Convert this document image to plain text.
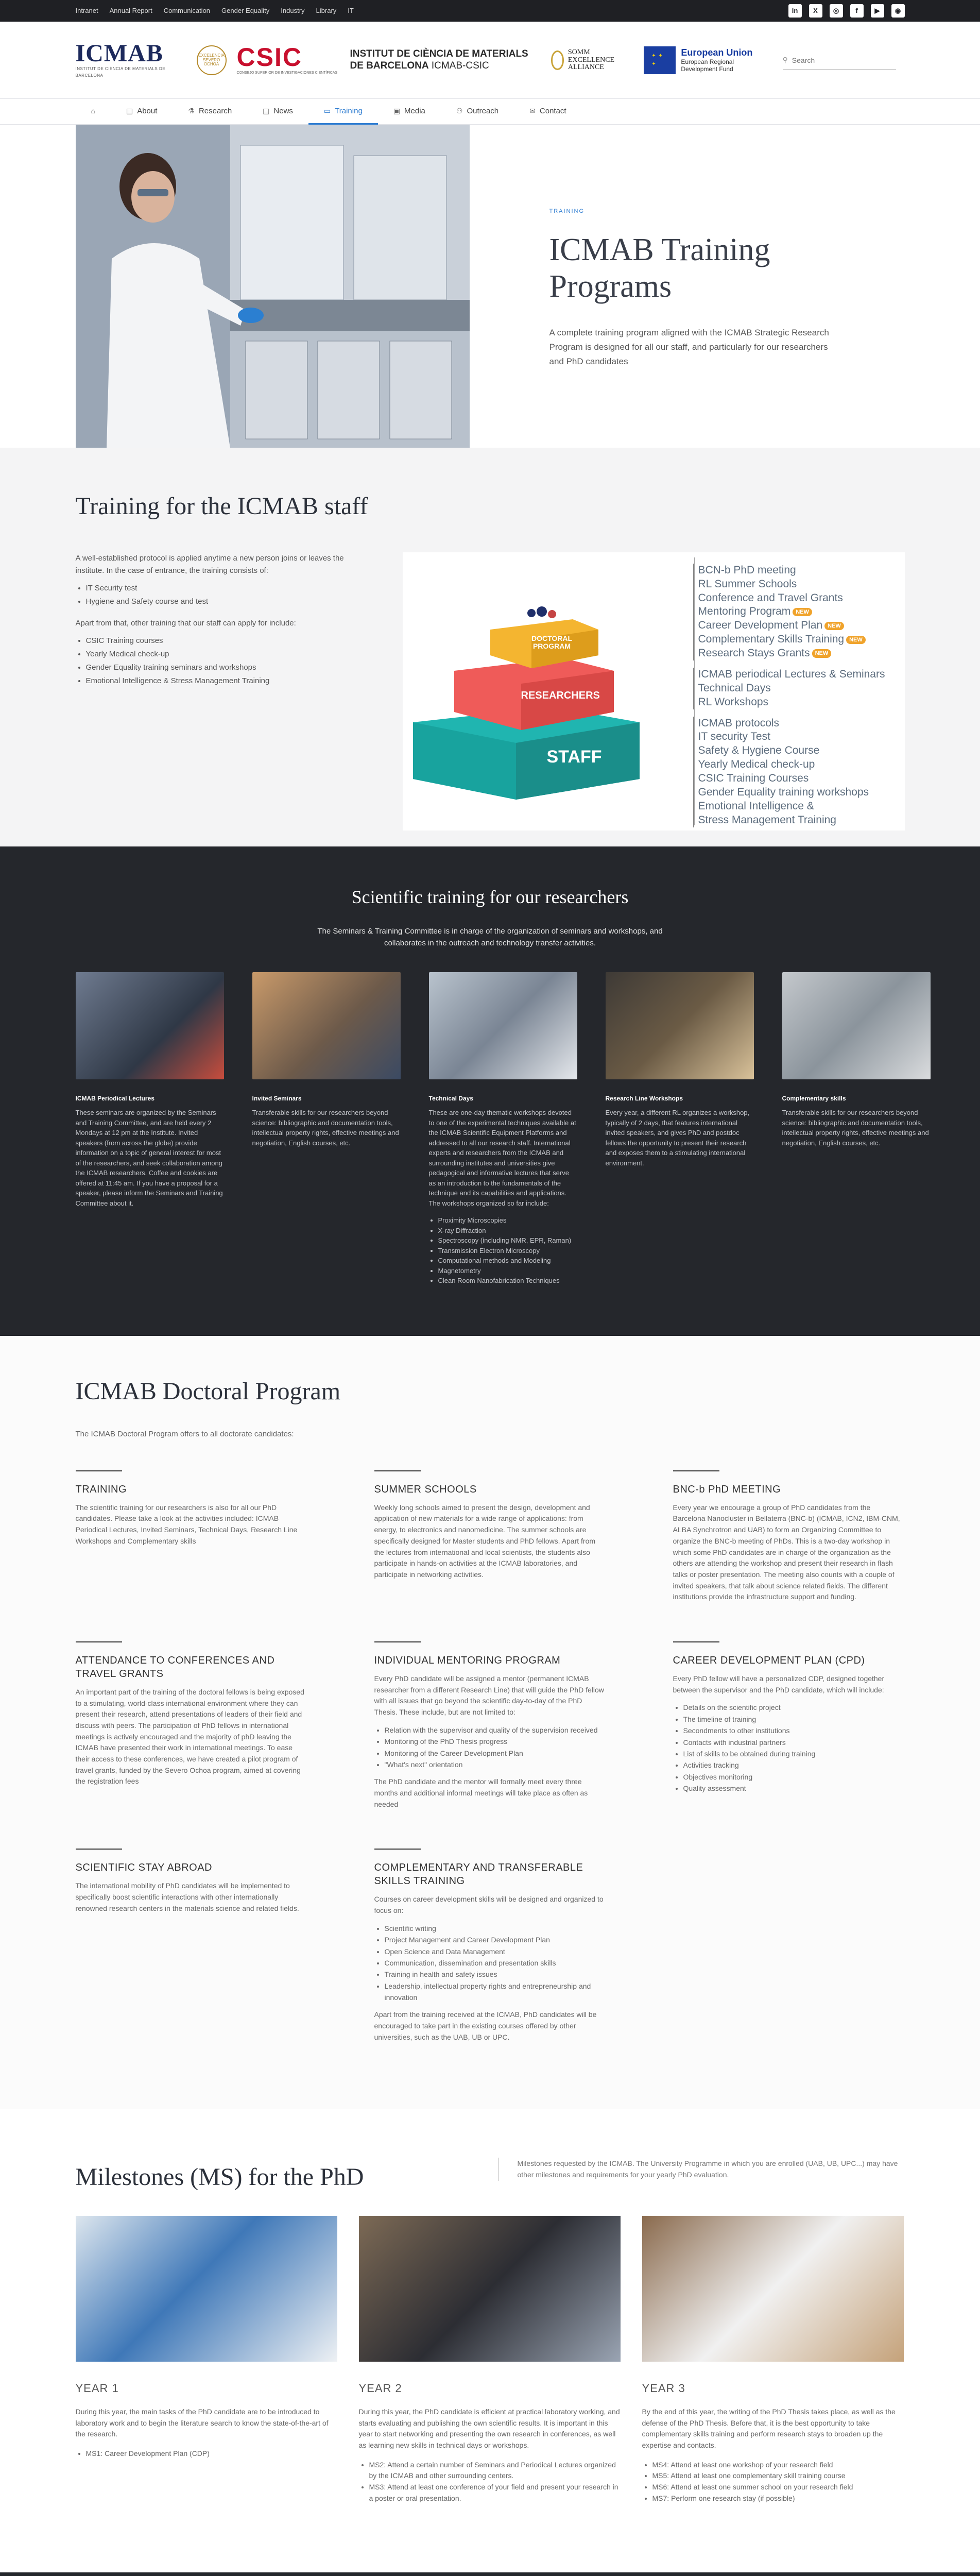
Intranet Annual Report Communication Gender Equality Industry Library IT	in	X	◎	f	▶	◉
ICMAB
INSTITUT DE CIÈNCIA DE MATERIALS DE BARCELONA
EXCELENCIA SEVERO OCHOA CSIC
CONSEJO SUPERIOR DE INVESTIGACIONES CIENTÍFICAS
INSTITUT DE CIÈNCIA DE MATERIALS
DE BARCELONA ICMAB-CSIC
SOMM EXCELLENCE ALLIANCE
✦ ✦ ✦
European Union
European Regional Development Fund
⚲
Search
⌂	▥ About	⚗ Research	▤ News	▭ Training	▣ Media	⚇ Outreach	✉ Contact
TRAINING
ICMAB Training Programs

A complete training program aligned with the ICMAB Strategic Research Program is designed for all our staff, and particularly for our researchers and PhD candidates

Training for the ICMAB staff

A well-established protocol is applied anytime a new person joins or leaves the institute. In the case of entrance, the training consists of:

• IT Security test
• Hygiene and Safety course and test

Apart from that, other training that our staff can apply for include:

• CSIC Training courses
• Yearly Medical check-up
• Gender Equality training seminars and workshops
• Emotional Intelligence & Stress Management Training
DOCTORAL PROGRAM
RESEARCHERS
STAFF
BCN-b PhD meeting
RL Summer Schools
Conference and Travel Grants
Mentoring Program NEW
Career Development Plan NEW
Complementary Skills Training NEW
Research Stays Grants NEW
ICMAB periodical Lectures & Seminars
Technical Days
RL Workshops
ICMAB protocols
IT security Test
Safety & Hygiene Course
Yearly Medical check-up
CSIC Training Courses
Gender Equality training workshops
Emotional Intelligence &
Stress Management Training
Scientific training for our researchers

The Seminars & Training Committee is in charge of the organization of seminars and workshops, and collaborates in the outreach and technology transfer activities.

ICMAB Periodical Lectures

These seminars are organized by the Seminars and Training Committee, and are held every 2 Mondays at 12 pm at the Institute. Invited speakers (from across the globe) provide information on a topic of general interest for most of the researchers, and seek collaboration among the ICMAB researchers. Coffee and cookies are offered at 11:45 am. If you have a proposal for a speaker, please inform the Seminars and Training Committee about it.

Invited Seminars

Transferable skills for our researchers beyond science: bibliographic and documentation tools, intellectual property rights, effective meetings and negotiation, English courses, etc.

Technical Days

These are one-day thematic workshops devoted to one of the experimental techniques available at the ICMAB Scientific Equipment Platforms and addressed to all our research staff. International experts and researchers from the ICMAB and surrounding institutes and universities give pedagogical and informative lectures that serve as an introduction to the fundamentals of the technique and its capabilities and applications. The workshops organized so far include:

• Proximity Microscopies
• X-ray Diffraction
• Spectroscopy (including NMR, EPR, Raman)
• Transmission Electron Microscopy
• Computational methods and Modeling
• Magnetometry
• Clean Room Nanofabrication Techniques
Research Line Workshops

Every year, a different RL organizes a workshop, typically of 2 days, that features international invited speakers, and gives PhD and postdoc fellows the opportunity to present their research and exposes them to a stimulating international environment.

Complementary skills

Transferable skills for our researchers beyond science: bibliographic and documentation tools, intellectual property rights, effective meetings and negotiation, English courses, etc.

ICMAB Doctoral Program

The ICMAB Doctoral Program offers to all doctorate candidates:

TRAINING

The scientific training for our researchers is also for all our PhD candidates. Please take a look at the activities included: ICMAB Periodical Lectures, Invited Seminars, Technical Days, Research Line Workshops and Complementary skills

SUMMER SCHOOLS

Weekly long schools aimed to present the design, development and application of new materials for a wide range of applications: from energy, to electronics and nanomedicine. The summer schools are specifically designed for Master students and PhD fellows. Apart from the lectures from international and local scientists, the students also participate in hands-on activities at the ICMAB laboratories, and participate in networking activities.

BNC-b PhD MEETING

Every year we encourage a group of PhD candidates from the Barcelona Nanocluster in Bellaterra (BNC-b) (ICMAB, ICN2, IBM-CNM, ALBA Synchrotron and UAB) to form an Organizing Committee to organize the BNC-b meeting of PhDs. This is a two-day workshop in which some PhD candidates are in charge of the organization as the others are attending the workshop and present their research in flash talks or poster presentation. The meeting also counts with a couple of invited speakers, that talk about science related fields. The different institutions provide the infrastructure support and funding.

ATTENDANCE TO CONFERENCES AND TRAVEL GRANTS

An important part of the training of the doctoral fellows is being exposed to a stimulating, world-class international environment where they can present their research, attend presentations of leaders of their field and discuss with peers. The participation of PhD fellows in international meetings is actively encouraged and the majority of phD leaving the ICMAB have presented their work in international meetings. To ease their access to these conferences, we have created a pilot program of travel grants, funded by the Severo Ochoa program, aimed at covering the registration fees

INDIVIDUAL MENTORING PROGRAM

Every PhD candidate will be assigned a mentor (permanent ICMAB researcher from a different Research Line) that will guide the PhD fellow with all issues that go beyond the scientific day-to-day of the PhD Thesis. These include, but are not limited to:

• Relation with the supervisor and quality of the supervision received
• Monitoring of the PhD Thesis progress
• Monitoring of the Career Development Plan
• "What's next" orientation

The PhD candidate and the mentor will formally meet every three months and additional informal meetings will take place as often as needed

CAREER DEVELOPMENT PLAN (CPD)

Every PhD fellow will have a personalized CDP, designed together between the supervisor and the PhD candidate, which will include:

• Details on the scientific project
• The timeline of training
• Secondments to other institutions
• Contacts with industrial partners
• List of skills to be obtained during training
• Activities tracking
• Objectives monitoring
• Quality assessment
SCIENTIFIC STAY ABROAD

The international mobility of PhD candidates will be implemented to specifically boost scientific interactions with other internationally renowned research centers in the materials science and related fields.

COMPLEMENTARY AND TRANSFERABLE SKILLS TRAINING

Courses on career development skills will be designed and organized to focus on:

• Scientific writing
• Project Management and Career Development Plan
• Open Science and Data Management
• Communication, dissemination and presentation skills
• Training in health and safety issues
• Leadership, intellectual property rights and entrepreneurship and innovation

Apart from the training received at the ICMAB, PhD candidates will be encouraged to take part in the existing courses offered by other universities, such as the UAB, UB or UPC.

Milestones (MS) for the PhD	Milestones requested by the ICMAB. The University Programme in which you are enrolled (UAB, UB, UPC...) may have other milestones and requirements for your yearly PhD evaluation.
YEAR 1

During this year, the main tasks of the PhD candidate are to be introduced to laboratory work and to begin the literature search to know the state-of-the-art of the research.

• MS1: Career Development Plan (CDP)
YEAR 2

During this year, the PhD candidate is efficient at practical laboratory working, and starts evaluating and publishing the own scientific results. It is important in this year to start networking and presenting the own research in conferences, as well as learning new skills in technical days or workshops.

• MS2: Attend a certain number of Seminars and Periodical Lectures organized by the ICMAB and other surrounding centers.
• MS3: Attend at least one conference of your field and present your research in a poster or oral presentation.
YEAR 3

By the end of this year, the writing of the PhD Thesis takes place, as well as the defense of the PhD Thesis. Before that, it is the best opportunity to take complementary skills training and perform research stays to broaden up the expertise and contacts.

• MS4: Attend at least one workshop of your research field
• MS5: Attend at least one complementary skill training course
• MS6: Attend at least one summer school on your research field
• MS7: Perform one research stay (if possible)
